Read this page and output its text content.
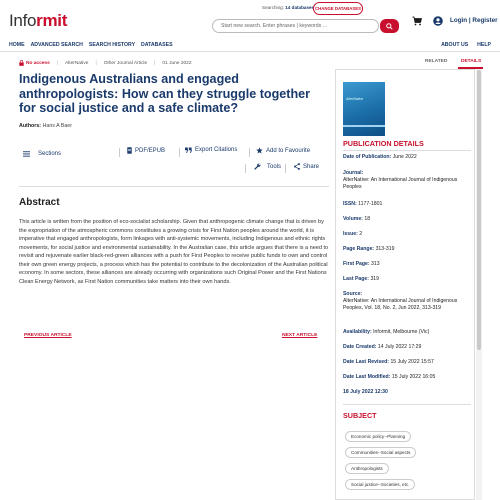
Informit
Searching: 14 databases CHANGE DATABASES
Start new search. Enter phrases | keywords ...
Login | Register
HOME ADVANCED SEARCH SEARCH HISTORY DATABASES	ABOUT US HELP
No access | AlterNative | Other Journal Article | 01 June 2022
Indigenous Australians and engaged anthropologists: How can they struggle together for social justice and a safe climate?
Authors: Hans A Baer
Sections
PDF/EPUB	Export Citations	Add to Favourite
Tools	Share
Abstract
This article is written from the position of eco-socialist scholarship. Given that anthropogenic climate change that is driven by the expropriation of the atmospheric commons constitutes a growing crisis for First Nation peoples around the world, it is imperative that engaged anthropologists, form linkages with anti-systemic movements, including Indigenous and ethnic rights movements, for social justice and environmental sustainability. In the Australian case, this article argues that there is a need to revisit and rejuvenate earlier black-red-green alliances with a push for First Peoples to receive public funds to own and control their own green energy projects, a process which has the potential to contribute to the decolonization of the Australian political economy. In some sectors, these alliances are already occurring with organizations such Original Power and the First Nations Clean Energy Network, as First Nation communities take matters into their own hands.
PREVIOUS ARTICLE	NEXT ARTICLE
RELATED	DETAILS
AlterNative
PUBLICATION DETAILS
Date of Publication: June 2022
Journal:
AlterNative: An International Journal of Indigenous Peoples
ISSN: 1177-1801
Volume: 18
Issue: 2
Page Range: 313-319
First Page: 313
Last Page: 319
Source:
AlterNative: An International Journal of Indigenous Peoples, Vol. 18, No. 2, Jun 2022, 313-319
Availability: Informit, Melbourne (Vic)
Date Created: 14 July 2022 17:29
Date Last Revised: 15 July 2022 15:57
Date Last Modified: 15 July 2022 16:05
18 July 2022 12:30
SUBJECT
Economic policy--Planning
Communities--Social aspects
Anthropologists
Social justice--Societies, etc.
